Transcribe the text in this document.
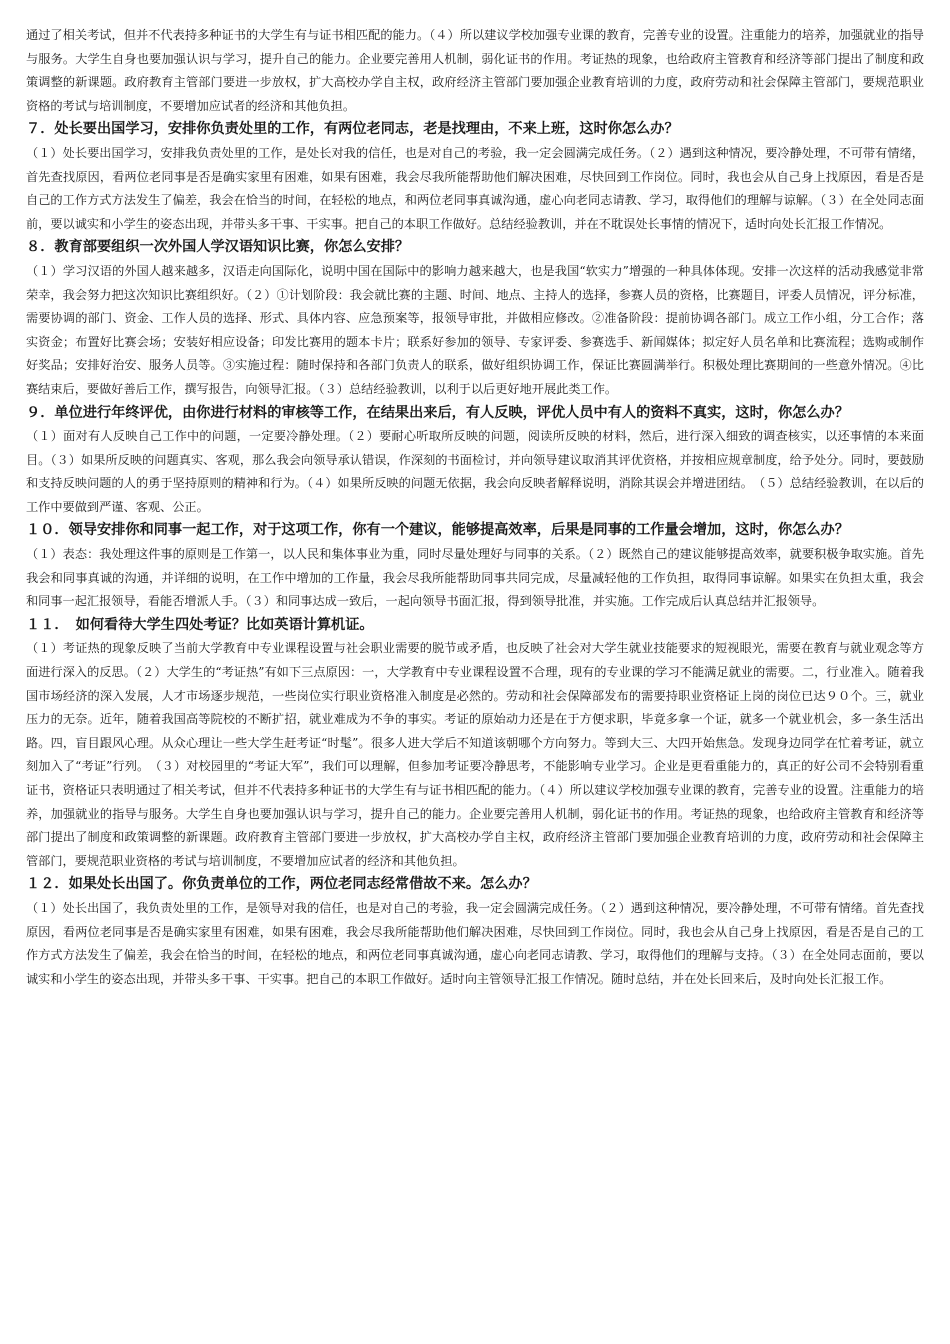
通过了相关考试，但并不代表持多种证书的大学生有与证书相匹配的能力。（４）所以建议学校加强专业课的教育，完善专业的设置。注重能力的培养，加强就业的指导与服务。大学生自身也要加强认识与学习，提升自己的能力。企业要完善用人机制，弱化证书的作用。考证热的现象，也给政府主管教育和经济等部门提出了制度和政策调整的新课题。政府教育主管部门要进一步放权，扩大高校办学自主权，政府经济主管部门要加强企业教育培训的力度，政府劳动和社会保障主管部门，要规范职业资格的考试与培训制度，不要增加应试者的经济和其他负担。

７．处长要出国学习，安排你负责处里的工作，有两位老同志，老是找理由，不来上班，这时你怎么办？

（１）处长要出国学习，安排我负责处里的工作，是处长对我的信任，也是对自己的考验，我一定会圆满完成任务。（２）遇到这种情况，要冷静处理，不可带有情绪，首先查找原因，看两位老同事是否是确实家里有困难，如果有困难，我会尽我所能帮助他们解决困难，尽快回到工作岗位。同时，我也会从自己身上找原因，看是否是自己的工作方式方法发生了偏差，我会在恰当的时间，在轻松的地点，和两位老同事真诚沟通，虚心向老同志请教、学习，取得他们的理解与谅解。（３）在全处同志面前，要以诚实和小学生的姿态出现，并带头多干事、干实事。把自己的本职工作做好。总结经验教训，并在不耽误处长事情的情况下，适时向处长汇报工作情况。

８．教育部要组织一次外国人学汉语知识比赛，你怎么安排？

（１）学习汉语的外国人越来越多，汉语走向国际化，说明中国在国际中的影响力越来越大，也是我国“软实力”增强的一种具体体现。安排一次这样的活动我感觉非常荣幸，我会努力把这次知识比赛组织好。（２）①计划阶段：我会就比赛的主题、时间、地点、主持人的选择，参赛人员的资格，比赛题目，评委人员情况，评分标准，需要协调的部门、资金、工作人员的选择、形式、具体内容、应急预案等，报领导审批，并做相应修改。②准备阶段：提前协调各部门。成立工作小组，分工合作；落实资金；布置好比赛会场；安装好相应设备；印发比赛用的题本卡片；联系好参加的领导、专家评委、参赛选手、新闻媒体；拟定好人员名单和比赛流程；选购或制作好奖品；安排好治安、服务人员等。③实施过程：随时保持和各部门负责人的联系，做好组织协调工作，保证比赛圆满举行。积极处理比赛期间的一些意外情况。④比赛结束后，要做好善后工作，撰写报告，向领导汇报。（３）总结经验教训，以利于以后更好地开展此类工作。

９．单位进行年终评优，由你进行材料的审核等工作，在结果出来后，有人反映，评优人员中有人的资料不真实，这时，你怎么办？

（１）面对有人反映自己工作中的问题，一定要冷静处理。（２）要耐心听取所反映的问题，阅读所反映的材料，然后，进行深入细致的调查核实，以还事情的本来面目。（３）如果所反映的问题真实、客观，那么我会向领导承认错误，作深刻的书面检讨，并向领导建议取消其评优资格，并按相应规章制度，给予处分。同时，要鼓励和支持反映问题的人的勇于坚持原则的精神和行为。（４）如果所反映的问题无依据，我会向反映者解释说明，消除其误会并增进团结。　（５）总结经验教训，在以后的工作中要做到严谨、客观、公正。

１０．领导安排你和同事一起工作，对于这项工作，你有一个建议，能够提高效率，后果是同事的工作量会增加，这时，你怎么办？

（１）表态：我处理这件事的原则是工作第一，以人民和集体事业为重，同时尽量处理好与同事的关系。（２）既然自己的建议能够提高效率，就要积极争取实施。首先我会和同事真诚的沟通，并详细的说明，在工作中增加的工作量，我会尽我所能帮助同事共同完成，尽量减轻他的工作负担，取得同事谅解。如果实在负担太重，我会和同事一起汇报领导，看能否增派人手。（３）和同事达成一致后，一起向领导书面汇报，得到领导批准，并实施。工作完成后认真总结并汇报领导。

１１．　如何看待大学生四处考证？比如英语计算机证。

（１）考证热的现象反映了当前大学教育中专业课程设置与社会职业需要的脱节或矛盾，也反映了社会对大学生就业技能要求的短视眼光，需要在教育与就业观念等方面进行深入的反思。（２）大学生的“考证热”有如下三点原因：一，大学教育中专业课程设置不合理，现有的专业课的学习不能满足就业的需要。二，行业准入。随着我国市场经济的深入发展，人才市场逐步规范，一些岗位实行职业资格准入制度是必然的。劳动和社会保障部发布的需要持职业资格证上岗的岗位已达９０个。三，就业压力的无奈。近年，随着我国高等院校的不断扩招，就业难成为不争的事实。考证的原始动力还是在于方便求职，毕竟多拿一个证，就多一个就业机会，多一条生活出路。四，盲目跟风心理。从众心理让一些大学生赶考证“时髦”。很多人进大学后不知道该朝哪个方向努力。等到大三、大四开始焦急。发现身边同学在忙着考证，就立刻加入了“考证”行列。　（３）对校园里的“考证大军”，我们可以理解，但参加考证要冷静思考，不能影响专业学习。企业是更看重能力的，真正的好公司不会特别看重证书，资格证只表明通过了相关考试，但并不代表持多种证书的大学生有与证书相匹配的能力。（４）所以建议学校加强专业课的教育，完善专业的设置。注重能力的培养，加强就业的指导与服务。大学生自身也要加强认识与学习，提升自己的能力。企业要完善用人机制，弱化证书的作用。考证热的现象，也给政府主管教育和经济等部门提出了制度和政策调整的新课题。政府教育主管部门要进一步放权，扩大高校办学自主权，政府经济主管部门要加强企业教育培训的力度，政府劳动和社会保障主管部门，要规范职业资格的考试与培训制度，不要增加应试者的经济和其他负担。

１２．如果处长出国了。你负责单位的工作，两位老同志经常借故不来。怎么办？

（１）处长出国了，我负责处里的工作，是领导对我的信任，也是对自己的考验，我一定会圆满完成任务。（２）遇到这种情况，要冷静处理，不可带有情绪。首先查找原因，看两位老同事是否是确实家里有困难，如果有困难，我会尽我所能帮助他们解决困难，尽快回到工作岗位。同时，我也会从自己身上找原因，看是否是自己的工作方式方法发生了偏差，我会在恰当的时间，在轻松的地点，和两位老同事真诚沟通，虚心向老同志请教、学习，取得他们的理解与支持。（３）在全处同志面前，要以诚实和小学生的姿态出现，并带头多干事、干实事。把自己的本职工作做好。适时向主管领导汇报工作情况。随时总结，并在处长回来后，及时向处长汇报工作。
